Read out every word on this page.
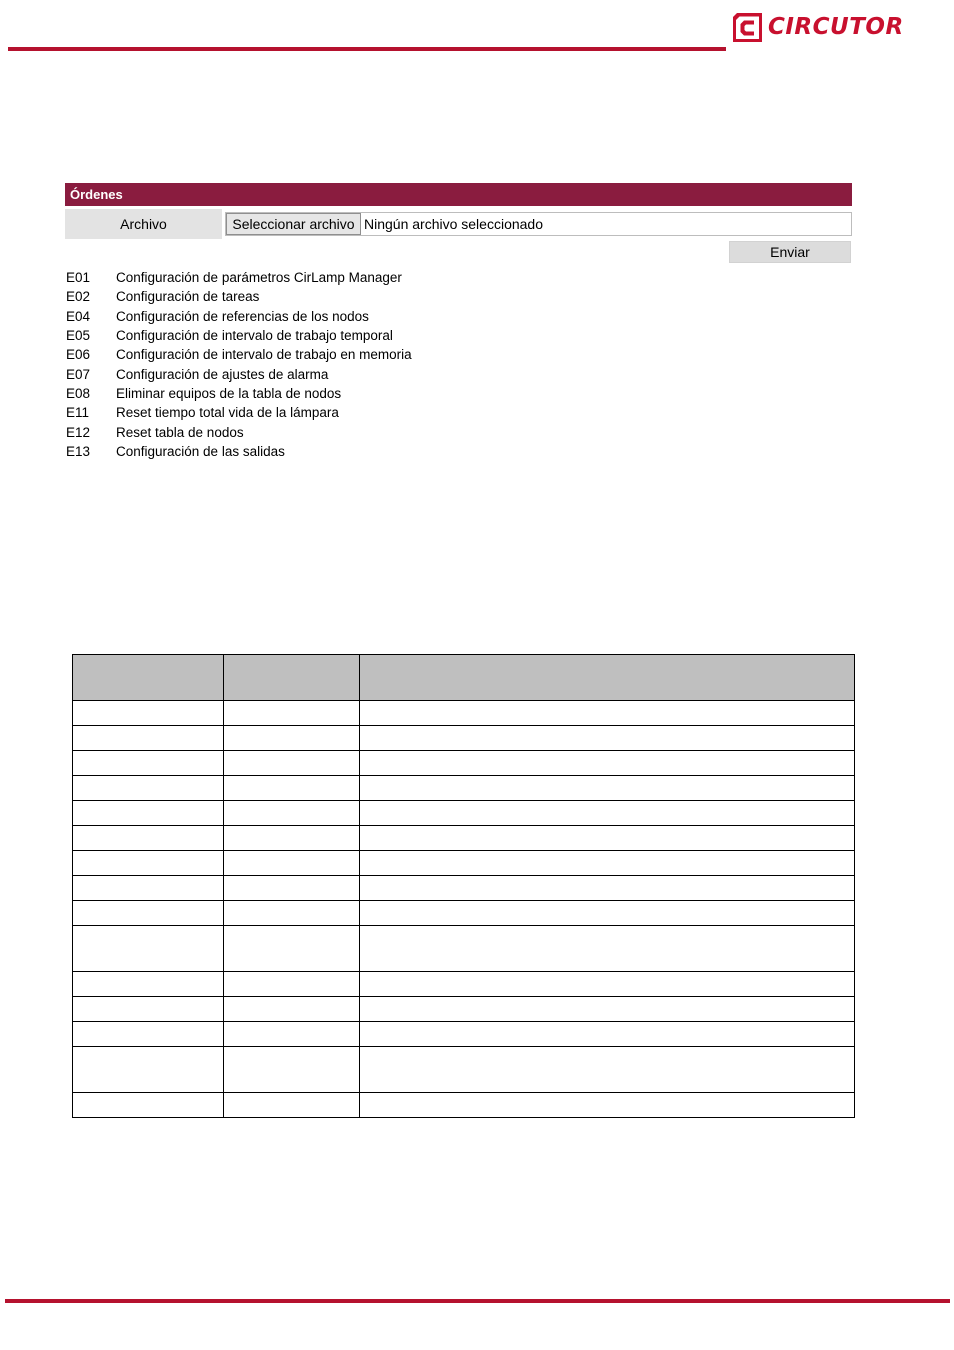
CIRCUTOR
Órdenes
Archivo	Seleccionar archivo Ningún archivo seleccionado
Enviar
E01	Configuración de parámetros CirLamp Manager
E02	Configuración de tareas
E04	Configuración de referencias de los nodos
E05	Configuración de intervalo de trabajo temporal
E06	Configuración de intervalo de trabajo en memoria
E07	Configuración de ajustes de alarma
E08	Eliminar equipos de la tabla de nodos
E11	Reset tiempo total vida de la lámpara
E12	Reset tabla de nodos
E13	Configuración de las salidas
